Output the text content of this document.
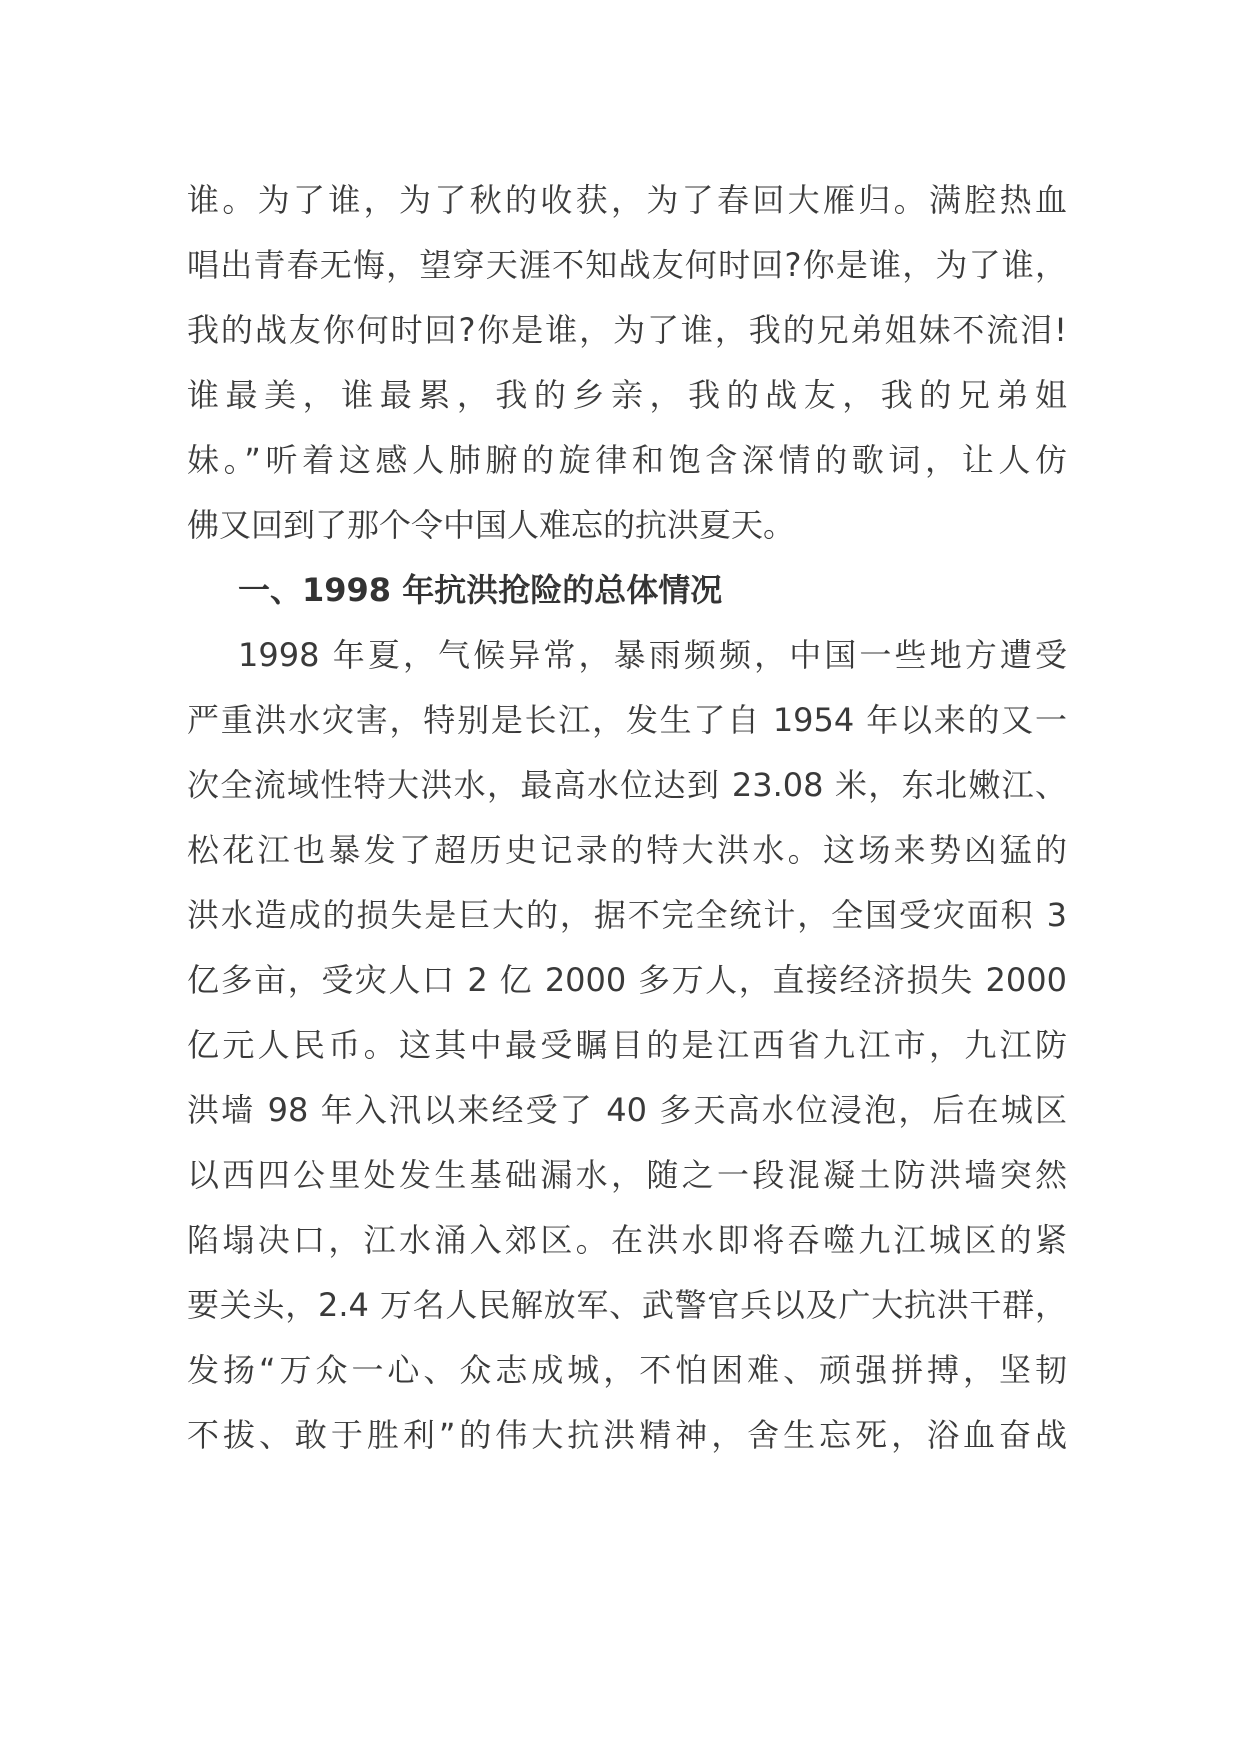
谁。为了谁，为了秋的收获，为了春回大雁归。满腔热血
唱出青春无悔，望穿天涯不知战友何时回?你是谁，为了谁，
我的战友你何时回?你是谁，为了谁，我的兄弟姐妹不流泪!
谁最美，谁最累，我的乡亲，我的战友，我的兄弟姐
妹。”听着这感人肺腑的旋律和饱含深情的歌词，让人仿
佛又回到了那个令中国人难忘的抗洪夏天。
一、1998 年抗洪抢险的总体情况
1998 年夏，气候异常，暴雨频频，中国一些地方遭受
严重洪水灾害，特别是长江，发生了自 1954 年以来的又一
次全流域性特大洪水，最高水位达到 23.08 米，东北嫩江、
松花江也暴发了超历史记录的特大洪水。这场来势凶猛的
洪水造成的损失是巨大的，据不完全统计，全国受灾面积 3
亿多亩，受灾人口 2 亿 2000 多万人，直接经济损失 2000
亿元人民币。这其中最受瞩目的是江西省九江市，九江防
洪墙 98 年入汛以来经受了 40 多天高水位浸泡，后在城区
以西四公里处发生基础漏水，随之一段混凝土防洪墙突然
陷塌决口，江水涌入郊区。在洪水即将吞噬九江城区的紧
要关头，2.4 万名人民解放军、武警官兵以及广大抗洪干群，
发扬“万众一心、众志成城，不怕困难、顽强拼搏，坚韧
不拔、敢于胜利”的伟大抗洪精神，舍生忘死，浴血奋战
